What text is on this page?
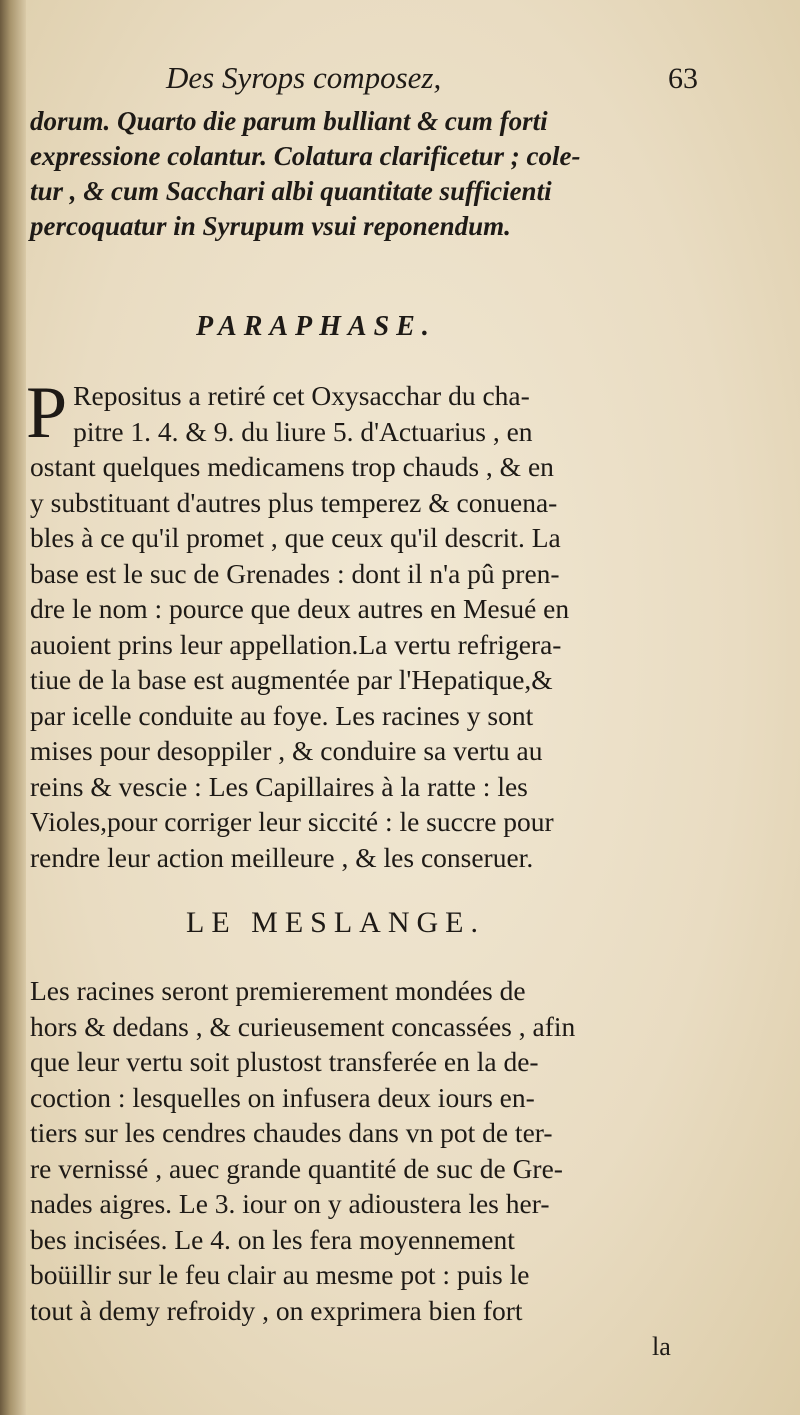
Des Syrops composez,	63

dorum. Quarto die parum bulliant & cum forti

expressione colantur. Colatura clarificetur ; cole-

tur , & cum Sacchari albi quantitate sufficienti

percoquatur in Syrupum vsui reponendum.

PARAPHASE.
P Repositus a retiré cet Oxysacchar du cha-

pitre 1. 4. & 9. du liure 5. d'Actuarius , en

ostant quelques medicamens trop chauds , & en

y substituant d'autres plus temperez & conuena-

bles à ce qu'il promet , que ceux qu'il descrit. La

base est le suc de Grenades : dont il n'a pû pren-

dre le nom : pource que deux autres en Mesué en

auoient prins leur appellation.La vertu refrigera-

tiue de la base est augmentée par l'Hepatique,&

par icelle conduite au foye. Les racines y sont

mises pour desoppiler , & conduire sa vertu au

reins & vescie : Les Capillaires à la ratte : les

Violes,pour corriger leur siccité : le succre pour

rendre leur action meilleure , & les conseruer.

LE MESLANGE.

Les racines seront premierement mondées de

hors & dedans , & curieusement concassées , afin

que leur vertu soit plustost transferée en la de-

coction : lesquelles on infusera deux iours en-

tiers sur les cendres chaudes dans vn pot de ter-

re vernissé , auec grande quantité de suc de Gre-

nades aigres. Le 3. iour on y adioustera les her-

bes incisées. Le 4. on les fera moyennement

boüillir sur le feu clair au mesme pot : puis le

tout à demy refroidy , on exprimera bien fort

la
